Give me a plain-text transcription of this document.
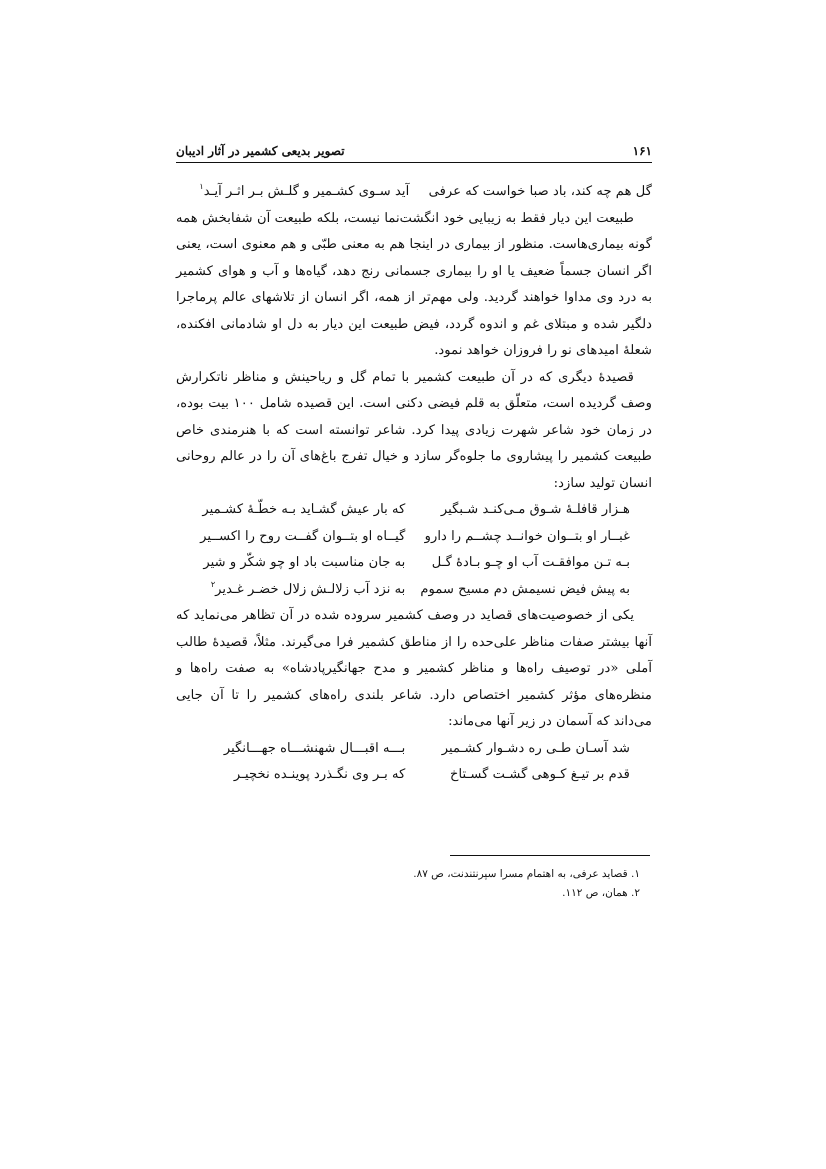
۱۶۱
تصویر بدیعی کشمیر در آثار ادیبان
گل هم چه کند، باد صبا خواست که عرفی
آید سـوی کشـمیر و گلـش بـر اثـر آیـد$^۱$

طبیعت این دیار فقط به زیبایی خود انگشت‌نما نیست، بلکه طبیعت آن شفابخش همه گونه بیماری‌هاست. منظور از بیماری در اینجا هم به معنی طبّی و هم معنوی است، یعنی اگر انسان جسماً ضعیف یا او را بیماری جسمانی رنج دهد، گیاه‌ها و آب و هوای کشمیر به درد وی مداوا خواهند گردید. ولی مهم‌تر از همه، اگر انسان از تلاشهای عالم پرماجرا دلگیر شده و مبتلای غم و اندوه گردد، فیض طبیعت این دیار به دل او شادمانی افکنده، شعلهٔ امیدهای نو را فروزان خواهد نمود.

قصیدهٔ دیگری که در آن طبیعت کشمیر با تمام گل و ریاحینش و مناظر ناتکرارش وصف گردیده است، متعلّق به قلم فیضی دکنی است. این قصیده شامل ۱۰۰ بیت بوده، در زمان خود شاعر شهرت زیادی پیدا کرد. شاعر توانسته است که با هنرمندی خاص طبیعت کشمیر را پیشاروی ما جلوه‌گر سازد و خیال تفرج باغ‌های آن را در عالم روحانی انسان تولید سازد:

هـزار قافلـهٔ شـوق مـی‌کنـد شـبگیر
که بار عیش گشـاید بـه خطّـهٔ کشـمیر
غبــار او بتــوان خوانــد چشــم را دارو
گیــاه او بتــوان گفــت روح را اکســیر
بـه تـن موافقـت آب او چـو بـادهٔ گـل
به جان مناسبت باد او چو شکّر و شیر
به پیش فیض نسیمش دم مسیح سموم
به نزد آب زلالـش زلال خضـر غـدیر$^۲$

یکی از خصوصیت‌های قصاید در وصف کشمیر سروده شده در آن تظاهر می‌نماید که آنها بیشتر صفات مناظر علی‌حده را از مناطق کشمیر فرا می‌گیرند. مثلاً، قصیدهٔ طالب آملی «در توصیف راه‌ها و مناظر کشمیر و مدح جهانگیرپادشاه» به صفت راه‌ها و منظره‌های مؤثر کشمیر اختصاص دارد. شاعر بلندی راه‌های کشمیر را تا آن جایی می‌داند که آسمان در زیر آنها می‌ماند:

شد آسـان طـی ره دشـوار کشـمیر
بـــه اقبـــال شهنشـــاه جهـــانگیر
قدم بر تیـغ کـوهی گشـت گسـتاخ
که بـر وی نگـذرد پوینـده نخچیـر

۱. قصاید عرفی، به اهتمام مسرا سپرنتندنت، ص ۸۷.

۲. همان، ص ۱۱۲.
